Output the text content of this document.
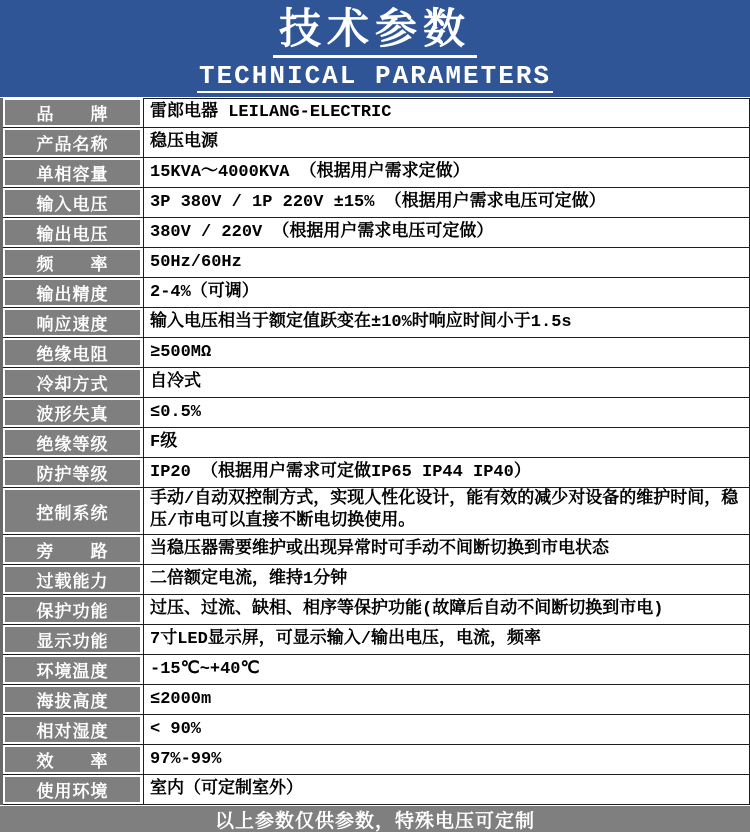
技术参数
TECHNICAL PARAMETERS
品　　牌 雷郎电器 LEILANG-ELECTRIC
产品名称 稳压电源
单相容量 15KVA～4000KVA （根据用户需求定做）
输入电压 3P 380V / 1P 220V ±15% （根据用户需求电压可定做）
输出电压 380V / 220V （根据用户需求电压可定做）
频　　率 50Hz/60Hz
输出精度 2-4%（可调）
响应速度 输入电压相当于额定值跃变在±10%时响应时间小于1.5s
绝缘电阻 ≥500MΩ
冷却方式 自冷式
波形失真 ≤0.5%
绝缘等级 F级
防护等级 IP20 （根据用户需求可定做IP65 IP44 IP40）
控制系统
手动/自动双控制方式，实现人性化设计，能有效的减少对设备的维护时间，稳压/市电可以直接不断电切换使用。
旁　　路 当稳压器需要维护或出现异常时可手动不间断切换到市电状态
过载能力 二倍额定电流，维持1分钟
保护功能 过压、过流、缺相、相序等保护功能(故障后自动不间断切换到市电)
显示功能 7寸LED显示屏，可显示输入/输出电压，电流，频率
环境温度 -15℃~+40℃
海拔高度 ≤2000m
相对湿度 < 90%
效　　率 97%-99%
使用环境 室内（可定制室外）
以上参数仅供参数，特殊电压可定制
